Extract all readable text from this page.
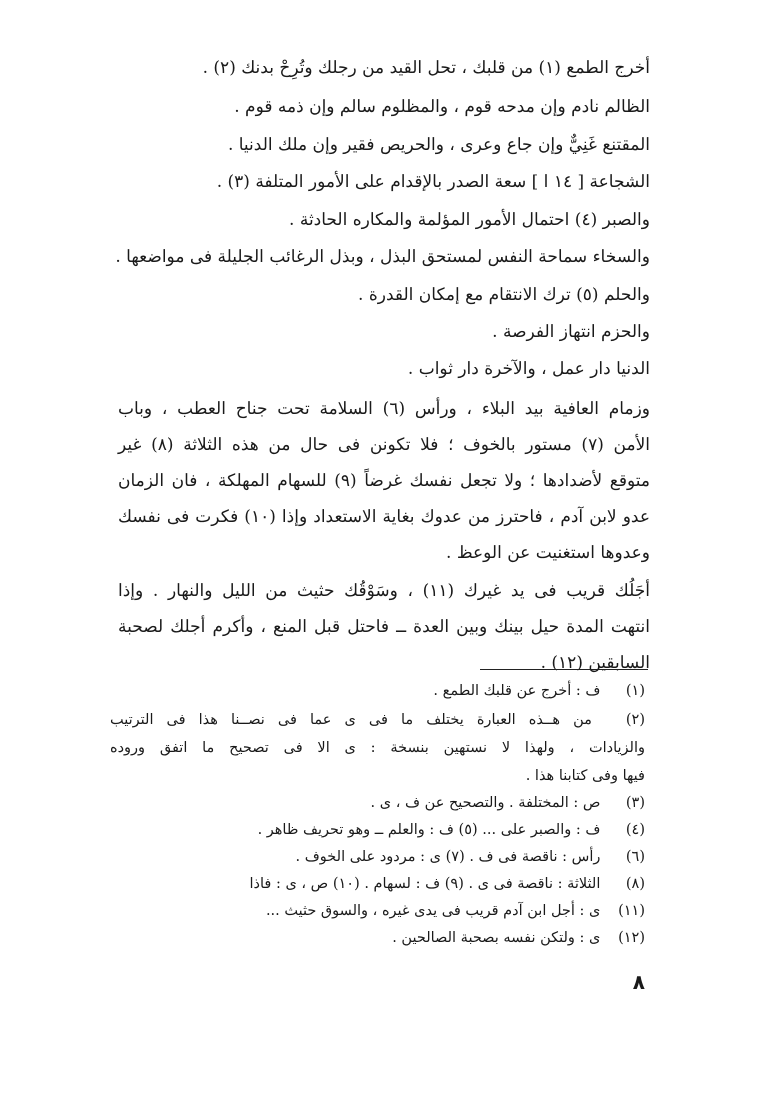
أخرج الطمع (١) من قلبك ، تحل القيد من رجلك وتُرِحْ بدنك (٢) .
الظالم نادم وإن مدحه قوم ، والمظلوم سالم وإن ذمه قوم .
المقتنع غَنِيٌّ وإن جاع وعرى ، والحريص فقير وإن ملك الدنيا .
الشجاعة [ ١٤ ا ] سعة الصدر بالإقدام على الأمور المتلفة (٣) .
والصبر (٤) احتمال الأمور المؤلمة والمكاره الحادثة .
والسخاء سماحة النفس لمستحق البذل ، وبذل الرغائب الجليلة فى مواضعها .
والحلم (٥) ترك الانتقام مع إمكان القدرة .
والحزم انتهاز الفرصة .
الدنيا دار عمل ، والآخرة دار ثواب .
وزمام العافية بيد البلاء ، ورأس (٦) السلامة تحت جناح العطب ، وباب
الأمن (٧) مستور بالخوف ؛ فلا تكونن فى حال من هذه الثلاثة (٨) غير
متوقع لأضدادها ؛ ولا تجعل نفسك غرضاً (٩) للسهام المهلكة ، فان الزمان
عدو لابن آدم ، فاحترز من عدوك بغاية الاستعداد وإذا (١٠) فكرت فى نفسك
وعدوها استغنيت عن الوعظ .
أجَلُك قريب فى يد غيرك (١١) ، وسَوْقُك حثيث من الليل والنهار . وإذا
انتهت المدة حيل بينك وبين العدة ــ فاحتل قبل المنع ، وأكرم أجلك لصحبة
السابقين (١٢) .
(١) ف : أخرج عن قلبك الطمع .
(٢) من هــذه العبارة يختلف ما فى ى عما فى نصــنا هذا فى الترتيب
والزيادات ، ولهذا لا نستهين بنسخة : ى الا فى تصحيح ما اتفق وروده
فيها وفى كتابنا هذا .
(٣) ص : المختلفة . والتصحيح عن ف ، ى .
(٤) ف : والصبر على ... (٥) ف : والعلم ــ وهو تحريف ظاهر .
(٦) رأس : ناقصة فى ف . (٧) ى : مردود على الخوف .
(٨) الثلاثة : ناقصة فى ى . (٩) ف : لسهام . (١٠) ص ، ى : فاذا
(١١) ى : أجل ابن آدم قريب فى يدى غيره ، والسوق حثيث ...
(١٢) ى : ولتكن نفسه بصحبة الصالحين .
٨
